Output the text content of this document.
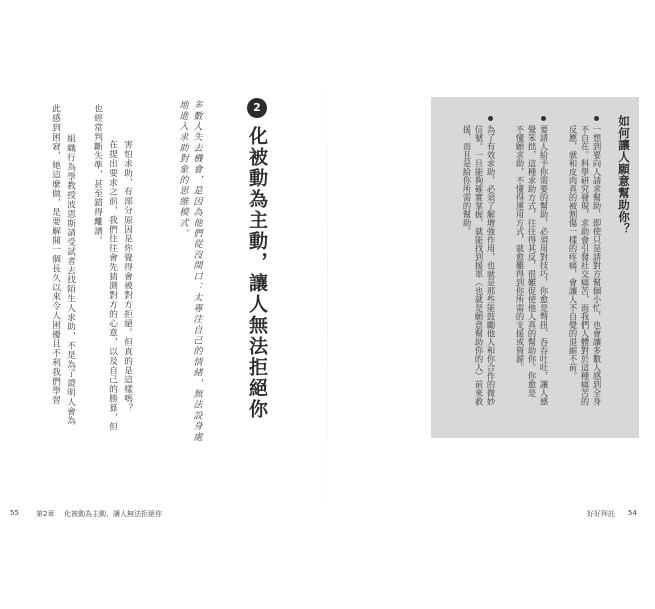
如何讓人願意幫助你？
一想到要向人請求幫助，即使只是請對方幫個小忙，也會讓多數人感到全身
不自在。科學研究發現，求助會引發社交痛苦，而我們人體對於這種痛苦的
反應，就和皮肉真的被割傷一樣的疼痛，會讓人不自覺的退縮不前。
要請人給予你需要的幫助，必須用對技巧，你愈是彆扭、吞吞吐吐，讓人感
覺笨拙，這種求助方式，往往得其反，很難促使他人真的幫助你。你愈是
不懂願求助，不懂得運用方式，就愈難得到你所需的支援或資源。
為了有效求助，必須了解增強作用，也就是那些能鼓勵他人和你合作的微妙
信號。一旦能夠確實掌握，就能找到援軍（也就是願意幫助你的人）前來救
援，而且是給你所需的幫助。
2
化被動為主動，讓人無法拒絕你
多數人失去機會，是因為他們從沒開口：太專注自己的情緒，無法設身處
地進入求助對象的思維模式。
害怕求助，有部分原因是你覺得會被對方拒絕。但真的是這樣嗎？
在提出要求之前，我們往往會先猜測對方的心意，以及自己的勝算，但
也經常判斷失準，甚至錯得離譜。
組織行為學教授波恩斯請受試者去找陌生人求助，不是為了證明人會為
此感到困窘，她這麼做，是要解開一個長久以來令人困擾且不利我們學習
55 第2章 化被動為主動，讓人無法拒絕你	好好拜託 54
